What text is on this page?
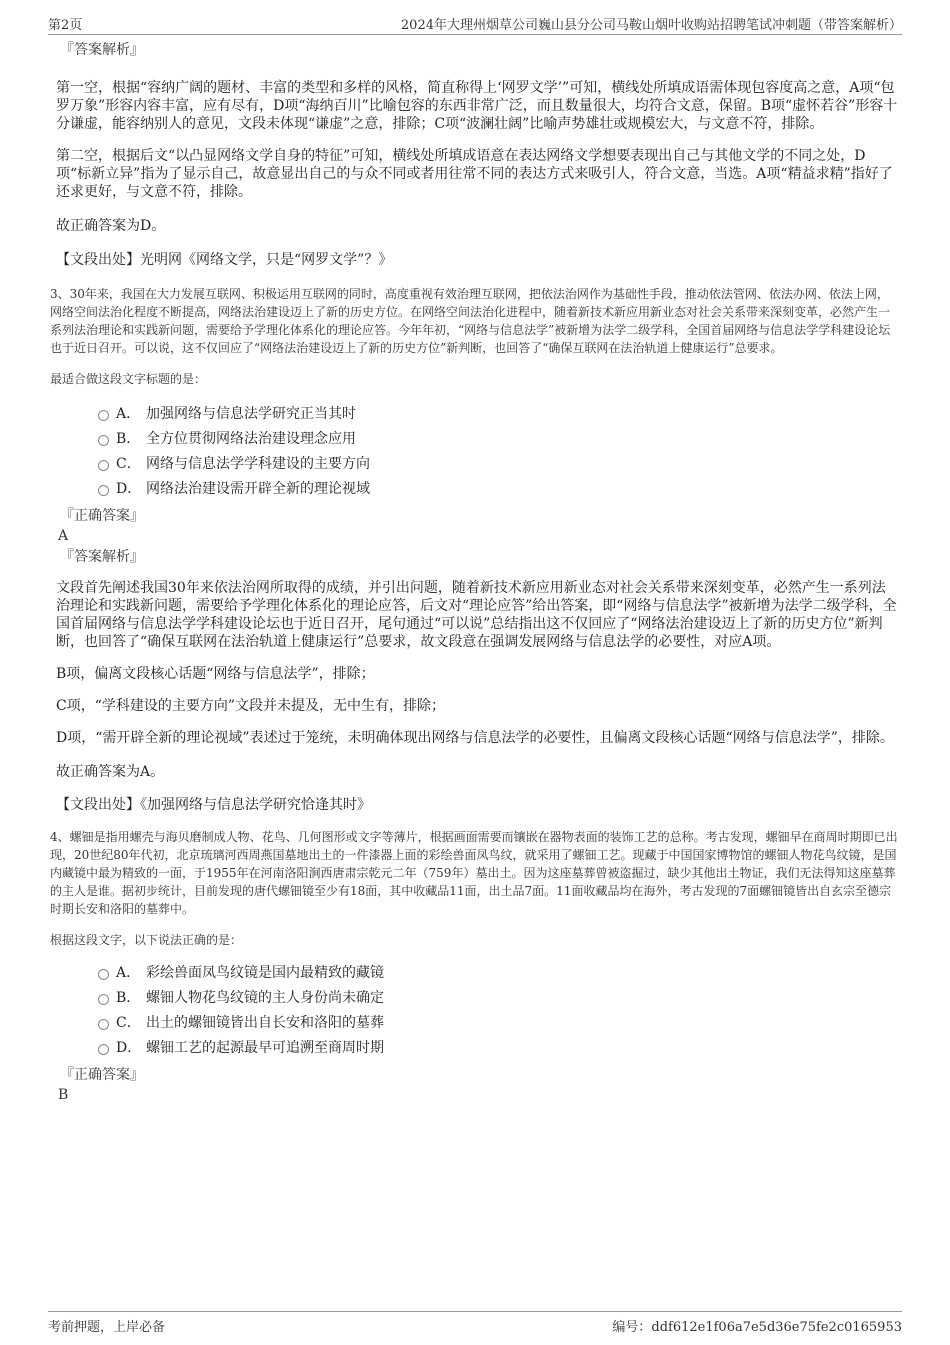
第2页	2024年大理州烟草公司巍山县分公司马鞍山烟叶收购站招聘笔试冲刺题（带答案解析）
『答案解析』

第一空，根据“容纳广阔的题材、丰富的类型和多样的风格，简直称得上‘网罗文学’”可知，横线处所填成语需体现包容度高之意，A项“包罗万象”形容内容丰富，应有尽有，D项“海纳百川”比喻包容的东西非常广泛，而且数量很大，均符合文意，保留。B项“虚怀若谷”形容十分谦虚，能容纳别人的意见，文段未体现“谦虚”之意，排除；C项“波澜壮阔”比喻声势雄壮或规模宏大，与文意不符，排除。

第二空，根据后文“以凸显网络文学自身的特征”可知，横线处所填成语意在表达网络文学想要表现出自己与其他文学的不同之处，D项“标新立异”指为了显示自己，故意显出自己的与众不同或者用往常不同的表达方式来吸引人，符合文意，当选。A项“精益求精”指好了还求更好，与文意不符，排除。

故正确答案为D。

【文段出处】光明网《网络文学，只是“网罗文学”？》

3、30年来，我国在大力发展互联网、积极运用互联网的同时，高度重视有效治理互联网，把依法治网作为基础性手段，推动依法管网、依法办网、依法上网，网络空间法治化程度不断提高，网络法治建设迈上了新的历史方位。在网络空间法治化进程中，随着新技术新应用新业态对社会关系带来深刻变革，必然产生一系列法治理论和实践新问题，需要给予学理化体系化的理论应答。今年年初，“网络与信息法学”被新增为法学二级学科，全国首届网络与信息法学学科建设论坛也于近日召开。可以说，这不仅回应了“网络法治建设迈上了新的历史方位”新判断，也回答了“确保互联网在法治轨道上健康运行”总要求。

最适合做这段文字标题的是：

A． 加强网络与信息法学研究正当其时
B． 全方位贯彻网络法治建设理念应用
C． 网络与信息法学学科建设的主要方向
D． 网络法治建设需开辟全新的理论视域
『正确答案』
A
『答案解析』

文段首先阐述我国30年来依法治网所取得的成绩，并引出问题，随着新技术新应用新业态对社会关系带来深刻变革，必然产生一系列法治理论和实践新问题，需要给予学理化体系化的理论应答，后文对“理论应答”给出答案，即“网络与信息法学”被新增为法学二级学科，全国首届网络与信息法学学科建设论坛也于近日召开，尾句通过“可以说”总结指出这不仅回应了“网络法治建设迈上了新的历史方位”新判断，也回答了“确保互联网在法治轨道上健康运行”总要求，故文段意在强调发展网络与信息法学的必要性，对应A项。

B项，偏离文段核心话题“网络与信息法学”，排除；

C项，“学科建设的主要方向”文段并未提及，无中生有，排除；

D项，“需开辟全新的理论视域”表述过于笼统，未明确体现出网络与信息法学的必要性，且偏离文段核心话题“网络与信息法学”，排除。

故正确答案为A。

【文段出处】《加强网络与信息法学研究恰逢其时》

4、螺钿是指用螺壳与海贝磨制成人物、花鸟、几何图形或文字等薄片，根据画面需要而镶嵌在器物表面的装饰工艺的总称。考古发现，螺钿早在商周时期即已出现，20世纪80年代初，北京琉璃河西周燕国墓地出土的一件漆器上面的彩绘兽面凤鸟纹，就采用了螺钿工艺。现藏于中国国家博物馆的螺钿人物花鸟纹镜，是国内藏镜中最为精致的一面，于1955年在河南洛阳涧西唐肃宗乾元二年（759年）墓出土。因为这座墓葬曾被盗掘过，缺少其他出土物证，我们无法得知这座墓葬的主人是谁。据初步统计，目前发现的唐代螺钿镜至少有18面，其中收藏品11面，出土品7面。11面收藏品均在海外，考古发现的7面螺钿镜皆出自玄宗至德宗时期长安和洛阳的墓葬中。

根据这段文字，以下说法正确的是：

A． 彩绘兽面凤鸟纹镜是国内最精致的藏镜
B． 螺钿人物花鸟纹镜的主人身份尚未确定
C． 出土的螺钿镜皆出自长安和洛阳的墓葬
D． 螺钿工艺的起源最早可追溯至商周时期
『正确答案』
B
考前押题，上岸必备	编号：ddf612e1f06a7e5d36e75fe2c0165953
